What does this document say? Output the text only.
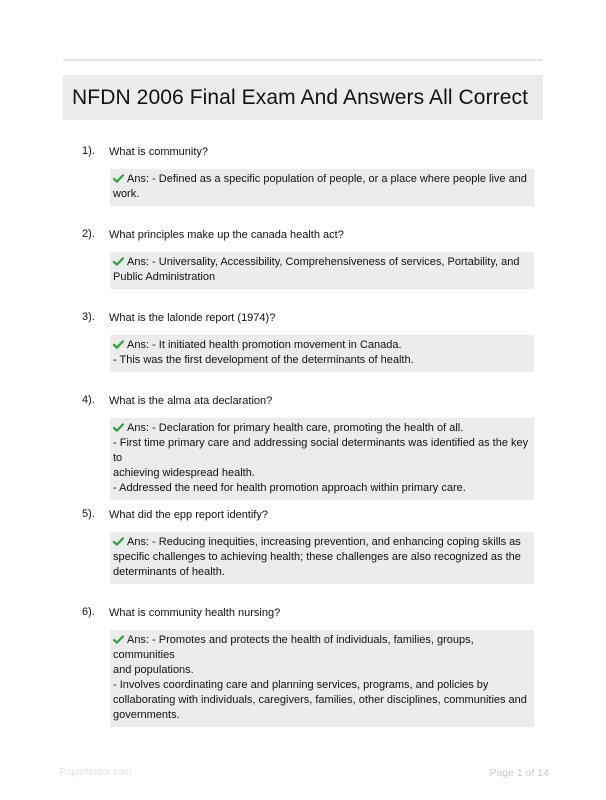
NFDN 2006 Final Exam And Answers All Correct
1). What is community?
Ans: - Defined as a specific population of people, or a place where people live and
work.
2). What principles make up the canada health act?
Ans: - Universality, Accessibility, Comprehensiveness of services, Portability, and
Public Administration
3). What is the lalonde report (1974)?
Ans: - It initiated health promotion movement in Canada.
- This was the first development of the determinants of health.
4). What is the alma ata declaration?
Ans: - Declaration for primary health care, promoting the health of all.
- First time primary care and addressing social determinants was identified as the key to
achieving widespread health.
- Addressed the need for health promotion approach within primary care.
5). What did the epp report identify?
Ans: - Reducing inequities, increasing prevention, and enhancing coping skills as
specific challenges to achieving health; these challenges are also recognized as the
determinants of health.
6). What is community health nursing?
Ans: - Promotes and protects the health of individuals, families, groups, communities
and populations.
- Involves coordinating care and planning services, programs, and policies by
collaborating with individuals, caregivers, families, other disciplines, communities and
governments.
Paperfinder.com	Page 1 of 14
